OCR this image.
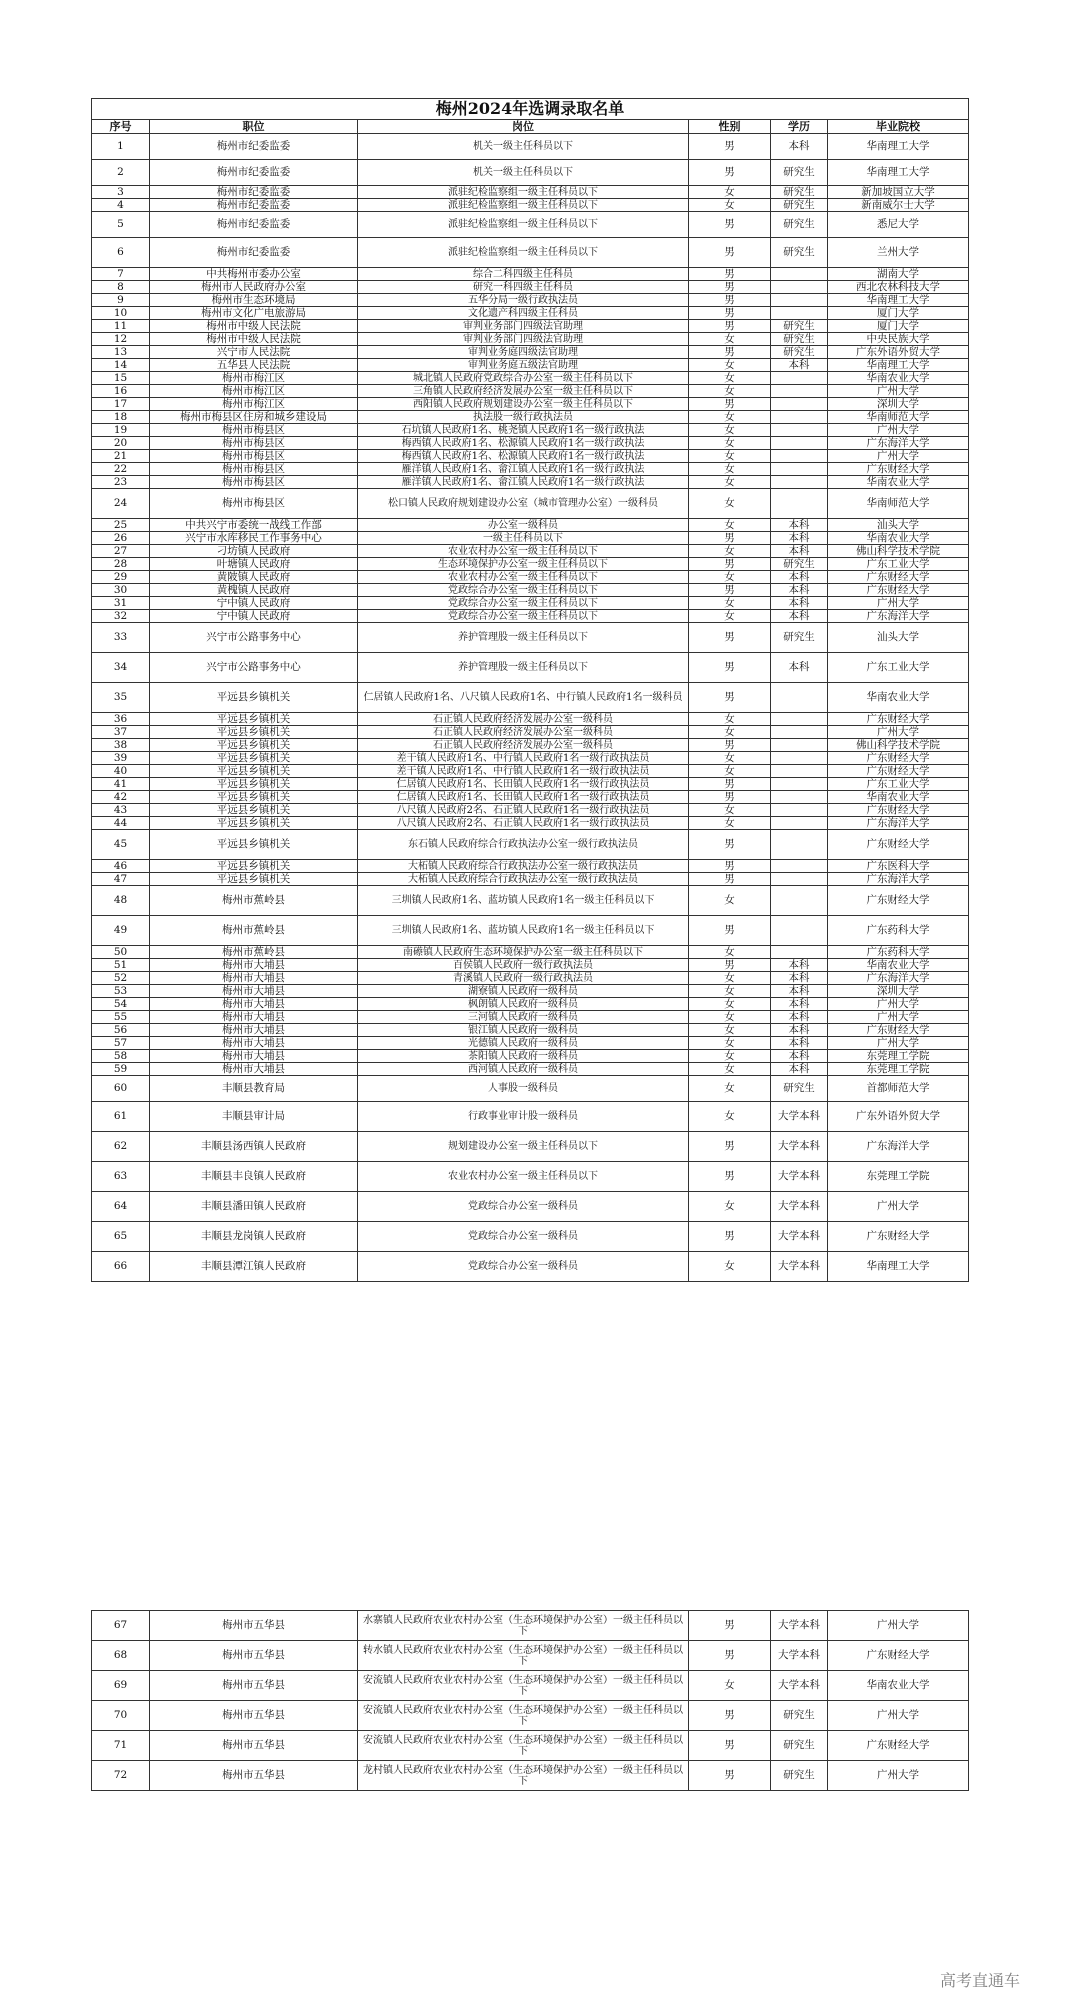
梅州2024年选调录取名单					
序号	职位	岗位	性别	学历	毕业院校
1	梅州市纪委监委	机关一级主任科员以下	男	本科	华南理工大学
2	梅州市纪委监委	机关一级主任科员以下	男	研究生	华南理工大学
3	梅州市纪委监委	派驻纪检监察组一级主任科员以下	女	研究生	新加坡国立大学
4	梅州市纪委监委	派驻纪检监察组一级主任科员以下	女	研究生	新南威尔士大学
5	梅州市纪委监委	派驻纪检监察组一级主任科员以下	男	研究生	悉尼大学
6	梅州市纪委监委	派驻纪检监察组一级主任科员以下	男	研究生	兰州大学
7	中共梅州市委办公室	综合二科四级主任科员	男		湖南大学
8	梅州市人民政府办公室	研究一科四级主任科员	男		西北农林科技大学
9	梅州市生态环境局	五华分局一级行政执法员	男		华南理工大学
10	梅州市文化广电旅游局	文化遗产科四级主任科员	男		厦门大学
11	梅州市中级人民法院	审判业务部门四级法官助理	男	研究生	厦门大学
12	梅州市中级人民法院	审判业务部门四级法官助理	女	研究生	中央民族大学
13	兴宁市人民法院	审判业务庭四级法官助理	男	研究生	广东外语外贸大学
14	五华县人民法院	审判业务庭五级法官助理	女	本科	华南理工大学
15	梅州市梅江区	城北镇人民政府党政综合办公室一级主任科员以下	女		华南农业大学
16	梅州市梅江区	三角镇人民政府经济发展办公室一级主任科员以下	女		广州大学
17	梅州市梅江区	西阳镇人民政府规划建设办公室一级主任科员以下	男		深圳大学
18	梅州市梅县区住房和城乡建设局	执法股一级行政执法员	女		华南师范大学
19	梅州市梅县区	石坑镇人民政府1名、桃尧镇人民政府1名一级行政执法	女		广州大学
20	梅州市梅县区	梅西镇人民政府1名、松源镇人民政府1名一级行政执法	女		广东海洋大学
21	梅州市梅县区	梅西镇人民政府1名、松源镇人民政府1名一级行政执法	女		广州大学
22	梅州市梅县区	雁洋镇人民政府1名、畲江镇人民政府1名一级行政执法	女		广东财经大学
23	梅州市梅县区	雁洋镇人民政府1名、畲江镇人民政府1名一级行政执法	女		华南农业大学
24	梅州市梅县区	松口镇人民政府规划建设办公室（城市管理办公室）一级科员	女		华南师范大学
25	中共兴宁市委统一战线工作部	办公室一级科员	女	本科	汕头大学
26	兴宁市水库移民工作事务中心	一级主任科员以下	男	本科	华南农业大学
27	刁坊镇人民政府	农业农村办公室一级主任科员以下	女	本科	佛山科学技术学院
28	叶塘镇人民政府	生态环境保护办公室一级主任科员以下	男	研究生	广东工业大学
29	黄陂镇人民政府	农业农村办公室一级主任科员以下	女	本科	广东财经大学
30	黄槐镇人民政府	党政综合办公室一级主任科员以下	男	本科	广东财经大学
31	宁中镇人民政府	党政综合办公室一级主任科员以下	女	本科	广州大学
32	宁中镇人民政府	党政综合办公室一级主任科员以下	女	本科	广东海洋大学
33	兴宁市公路事务中心	养护管理股一级主任科员以下	男	研究生	汕头大学
34	兴宁市公路事务中心	养护管理股一级主任科员以下	男	本科	广东工业大学
35	平远县乡镇机关	仁居镇人民政府1名、八尺镇人民政府1名、中行镇人民政府1名一级科员	男		华南农业大学
36	平远县乡镇机关	石正镇人民政府经济发展办公室一级科员	女		广东财经大学
37	平远县乡镇机关	石正镇人民政府经济发展办公室一级科员	女		广州大学
38	平远县乡镇机关	石正镇人民政府经济发展办公室一级科员	男		佛山科学技术学院
39	平远县乡镇机关	差干镇人民政府1名、中行镇人民政府1名一级行政执法员	女		广东财经大学
40	平远县乡镇机关	差干镇人民政府1名、中行镇人民政府1名一级行政执法员	女		广东财经大学
41	平远县乡镇机关	仁居镇人民政府1名、长田镇人民政府1名一级行政执法员	男		广东工业大学
42	平远县乡镇机关	仁居镇人民政府1名、长田镇人民政府1名一级行政执法员	男		华南农业大学
43	平远县乡镇机关	八尺镇人民政府2名、石正镇人民政府1名一级行政执法员	女		广东财经大学
44	平远县乡镇机关	八尺镇人民政府2名、石正镇人民政府1名一级行政执法员	女		广东海洋大学
45	平远县乡镇机关	东石镇人民政府综合行政执法办公室一级行政执法员	男		广东财经大学
46	平远县乡镇机关	大柘镇人民政府综合行政执法办公室一级行政执法员	男		广东医科大学
47	平远县乡镇机关	大柘镇人民政府综合行政执法办公室一级行政执法员	男		广东海洋大学
48	梅州市蕉岭县	三圳镇人民政府1名、蓝坊镇人民政府1名一级主任科员以下	女		广东财经大学
49	梅州市蕉岭县	三圳镇人民政府1名、蓝坊镇人民政府1名一级主任科员以下	男		广东药科大学
50	梅州市蕉岭县	南礤镇人民政府生态环境保护办公室一级主任科员以下	女		广东药科大学
51	梅州市大埔县	百侯镇人民政府一级行政执法员	男	本科	华南农业大学
52	梅州市大埔县	青溪镇人民政府一级行政执法员	女	本科	广东海洋大学
53	梅州市大埔县	湖寮镇人民政府一级科员	女	本科	深圳大学
54	梅州市大埔县	枫朗镇人民政府一级科员	女	本科	广州大学
55	梅州市大埔县	三河镇人民政府一级科员	女	本科	广州大学
56	梅州市大埔县	银江镇人民政府一级科员	女	本科	广东财经大学
57	梅州市大埔县	光德镇人民政府一级科员	女	本科	广州大学
58	梅州市大埔县	茶阳镇人民政府一级科员	女	本科	东莞理工学院
59	梅州市大埔县	西河镇人民政府一级科员	女	本科	东莞理工学院
60	丰顺县教育局	人事股一级科员	女	研究生	首都师范大学
61	丰顺县审计局	行政事业审计股一级科员	女	大学本科	广东外语外贸大学
62	丰顺县汤西镇人民政府	规划建设办公室一级主任科员以下	男	大学本科	广东海洋大学
63	丰顺县丰良镇人民政府	农业农村办公室一级主任科员以下	男	大学本科	东莞理工学院
64	丰顺县潘田镇人民政府	党政综合办公室一级科员	女	大学本科	广州大学
65	丰顺县龙岗镇人民政府	党政综合办公室一级科员	男	大学本科	广东财经大学
66	丰顺县潭江镇人民政府	党政综合办公室一级科员	女	大学本科	华南理工大学
67	梅州市五华县	水寨镇人民政府农业农村办公室（生态环境保护办公室）一级主任科员以下	男	大学本科	广州大学
68	梅州市五华县	转水镇人民政府农业农村办公室（生态环境保护办公室）一级主任科员以下	男	大学本科	广东财经大学
69	梅州市五华县	安流镇人民政府农业农村办公室（生态环境保护办公室）一级主任科员以下	女	大学本科	华南农业大学
70	梅州市五华县	安流镇人民政府农业农村办公室（生态环境保护办公室）一级主任科员以下	男	研究生	广州大学
71	梅州市五华县	安流镇人民政府农业农村办公室（生态环境保护办公室）一级主任科员以下	男	研究生	广东财经大学
72	梅州市五华县	龙村镇人民政府农业农村办公室（生态环境保护办公室）一级主任科员以下	男	研究生	广州大学
高考直通车
